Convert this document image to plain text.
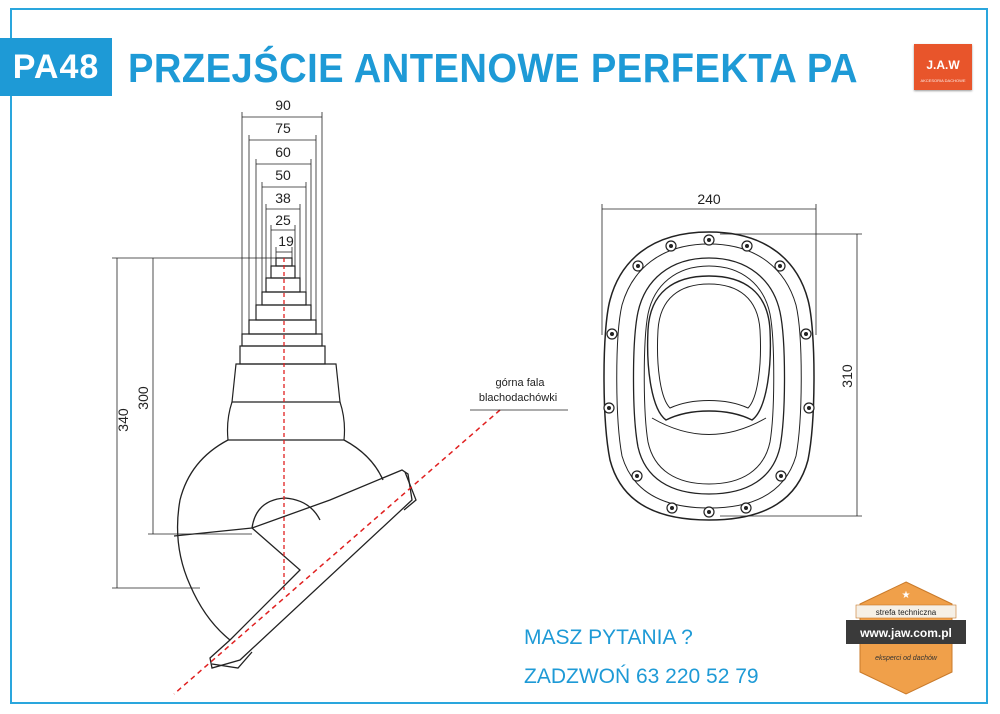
PA48 PRZEJŚCIE ANTENOWE PERFEKTA PA	J.A.W
AKCESORIA DACHOWE
90
75
60
50
38
25
19
340
300
górna fala
blachodachówki
240
310
★
strefa techniczna
www.jaw.com.pl
eksperci od dachów
MASZ PYTANIA ?
ZADZWOŃ 63 220 52 79
